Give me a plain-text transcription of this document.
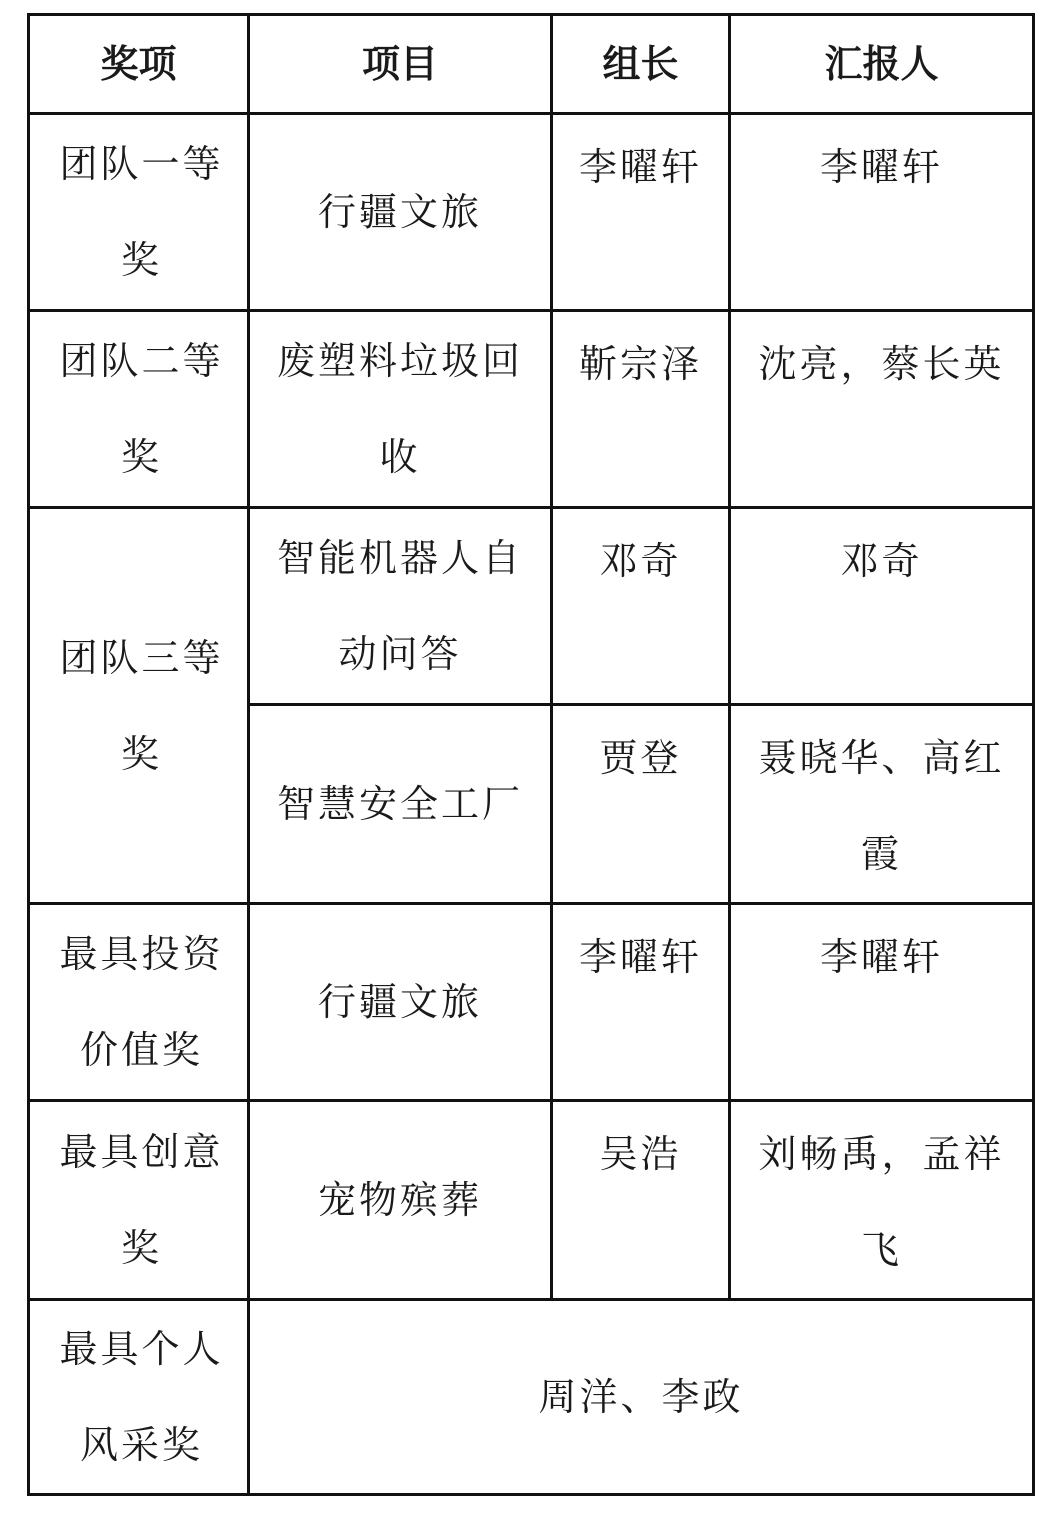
奖项	项目	组长	汇报人

团队一等奖	行疆文旅	李曜轩	李曜轩

团队二等奖	废塑料垃圾回收	靳宗泽	沈亮，蔡长英

团队三等奖	智能机器人自动问答	邓奇	邓奇

	智慧安全工厂	贾登	聂晓华、高红霞

最具投资价值奖	行疆文旅	李曜轩	李曜轩

最具创意奖	宠物殡葬	吴浩	刘畅禹，孟祥飞

最具个人风采奖	周洋、李政		
